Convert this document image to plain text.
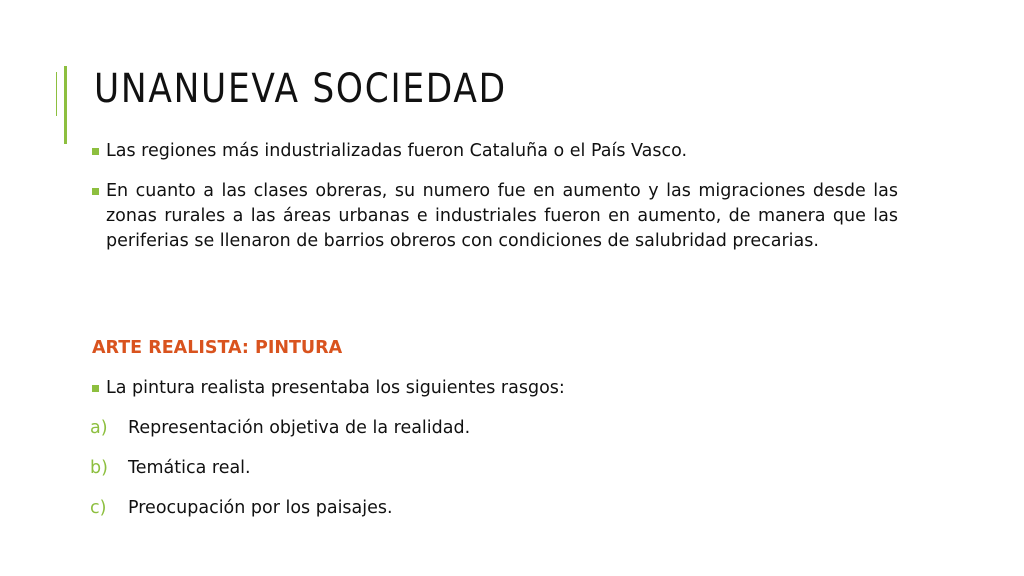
UNANUEVA SOCIEDAD
Las regiones más industrializadas fueron Cataluña o el País Vasco.
En cuanto a las clases obreras, su numero fue en aumento y las migraciones desde las zonas rurales a las áreas urbanas e industriales fueron en aumento, de manera que las periferias se llenaron de barrios obreros con condiciones de salubridad precarias.
ARTE REALISTA: PINTURA
La pintura realista presentaba los siguientes rasgos:
a) Representación objetiva de la realidad.
b) Temática real.
c) Preocupación por los paisajes.
